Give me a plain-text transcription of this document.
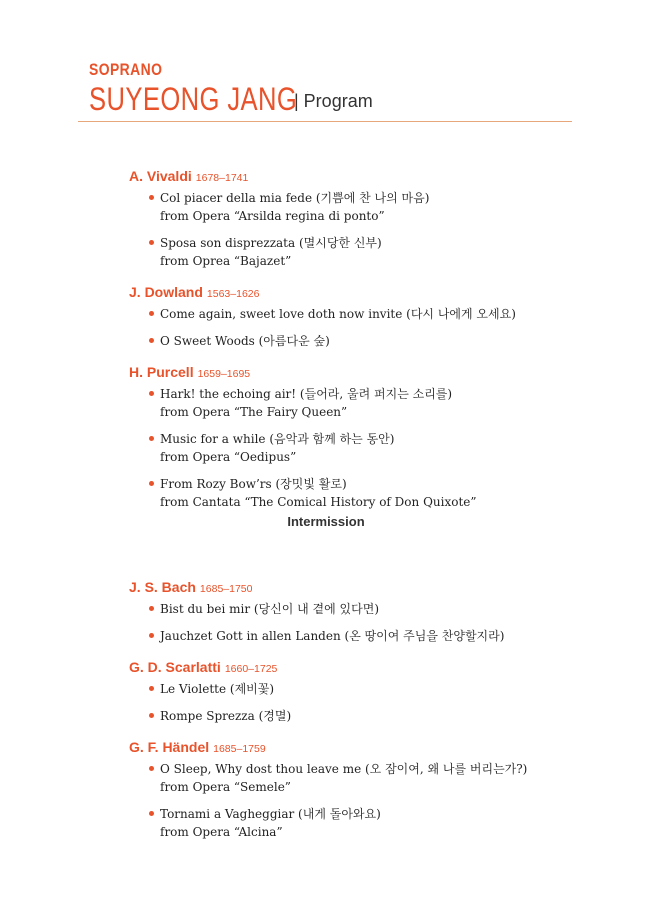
SOPRANO
SUYEONG JANG
| Program
A. Vivaldi 1678–1741
Col piacer della mia fede (기쁨에 찬 나의 마음)
from Opera “Arsilda regina di ponto”
Sposa son disprezzata (멸시당한 신부)
from Oprea “Bajazet”
J. Dowland 1563–1626
Come again, sweet love doth now invite (다시 나에게 오세요)
O Sweet Woods (아름다운 숲)
H. Purcell 1659–1695
Hark! the echoing air! (들어라, 울려 퍼지는 소리를)
from Opera “The Fairy Queen”
Music for a while (음악과 함께 하는 동안)
from Opera “Oedipus”
From Rozy Bow’rs (장밋빛 활로)
from Cantata “The Comical History of Don Quixote”
Intermission
J. S. Bach 1685–1750
Bist du bei mir (당신이 내 곁에 있다면)
Jauchzet Gott in allen Landen (온 땅이여 주님을 찬양할지라)
G. D. Scarlatti 1660–1725
Le Violette (제비꽃)
Rompe Sprezza (경멸)
G. F. Händel 1685–1759
O Sleep, Why dost thou leave me (오 잠이여, 왜 나를 버리는가?)
from Opera “Semele”
Tornami a Vagheggiar (내게 돌아와요)
from Opera “Alcina”
